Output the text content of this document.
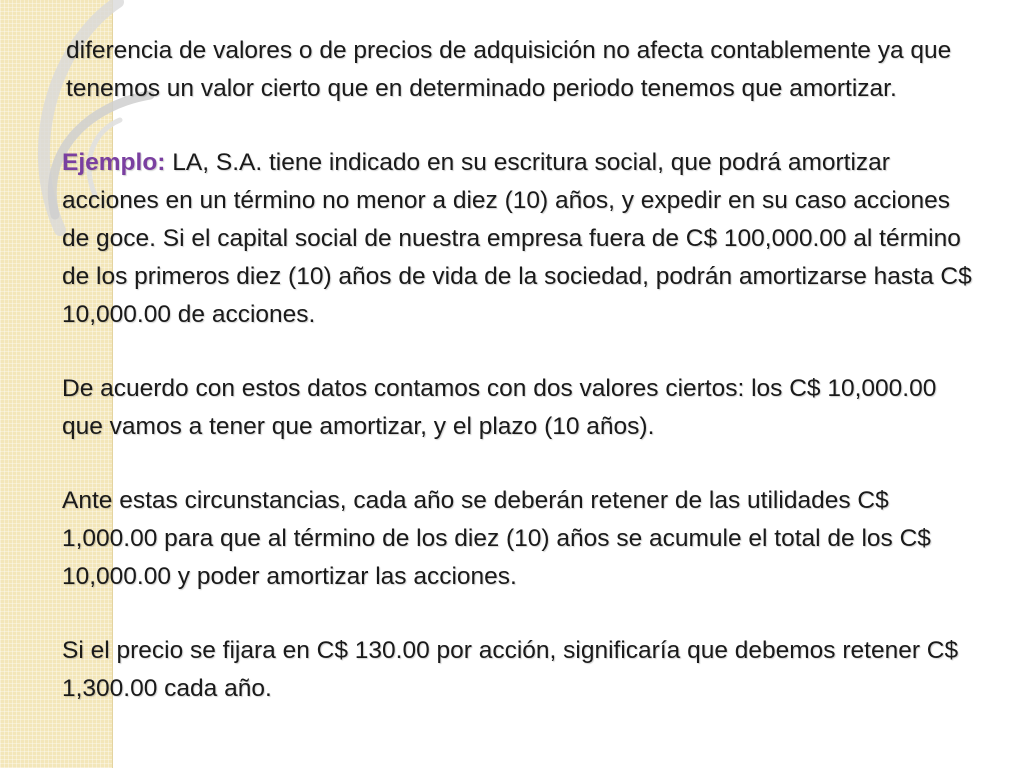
diferencia de valores o de precios de adquisición no afecta contablemente ya que tenemos un valor cierto que en determinado periodo tenemos que amortizar.

Ejemplo: LA, S.A. tiene indicado en su escritura social, que podrá amortizar acciones en un término no menor a diez (10) años, y expedir en su caso acciones de goce. Si el capital social de nuestra empresa fuera de C$ 100,000.00 al término de los primeros diez (10) años de vida de la sociedad, podrán amortizarse hasta C$ 10,000.00 de acciones.

De acuerdo con estos datos contamos con dos valores ciertos: los C$ 10,000.00 que vamos a tener que amortizar, y el plazo (10 años).

Ante estas circunstancias, cada año se deberán retener de las utilidades C$ 1,000.00 para que al término de los diez (10) años se acumule el total de los C$ 10,000.00 y poder amortizar las acciones.

Si el precio se fijara en C$ 130.00 por acción, significaría que debemos retener C$ 1,300.00 cada año.
